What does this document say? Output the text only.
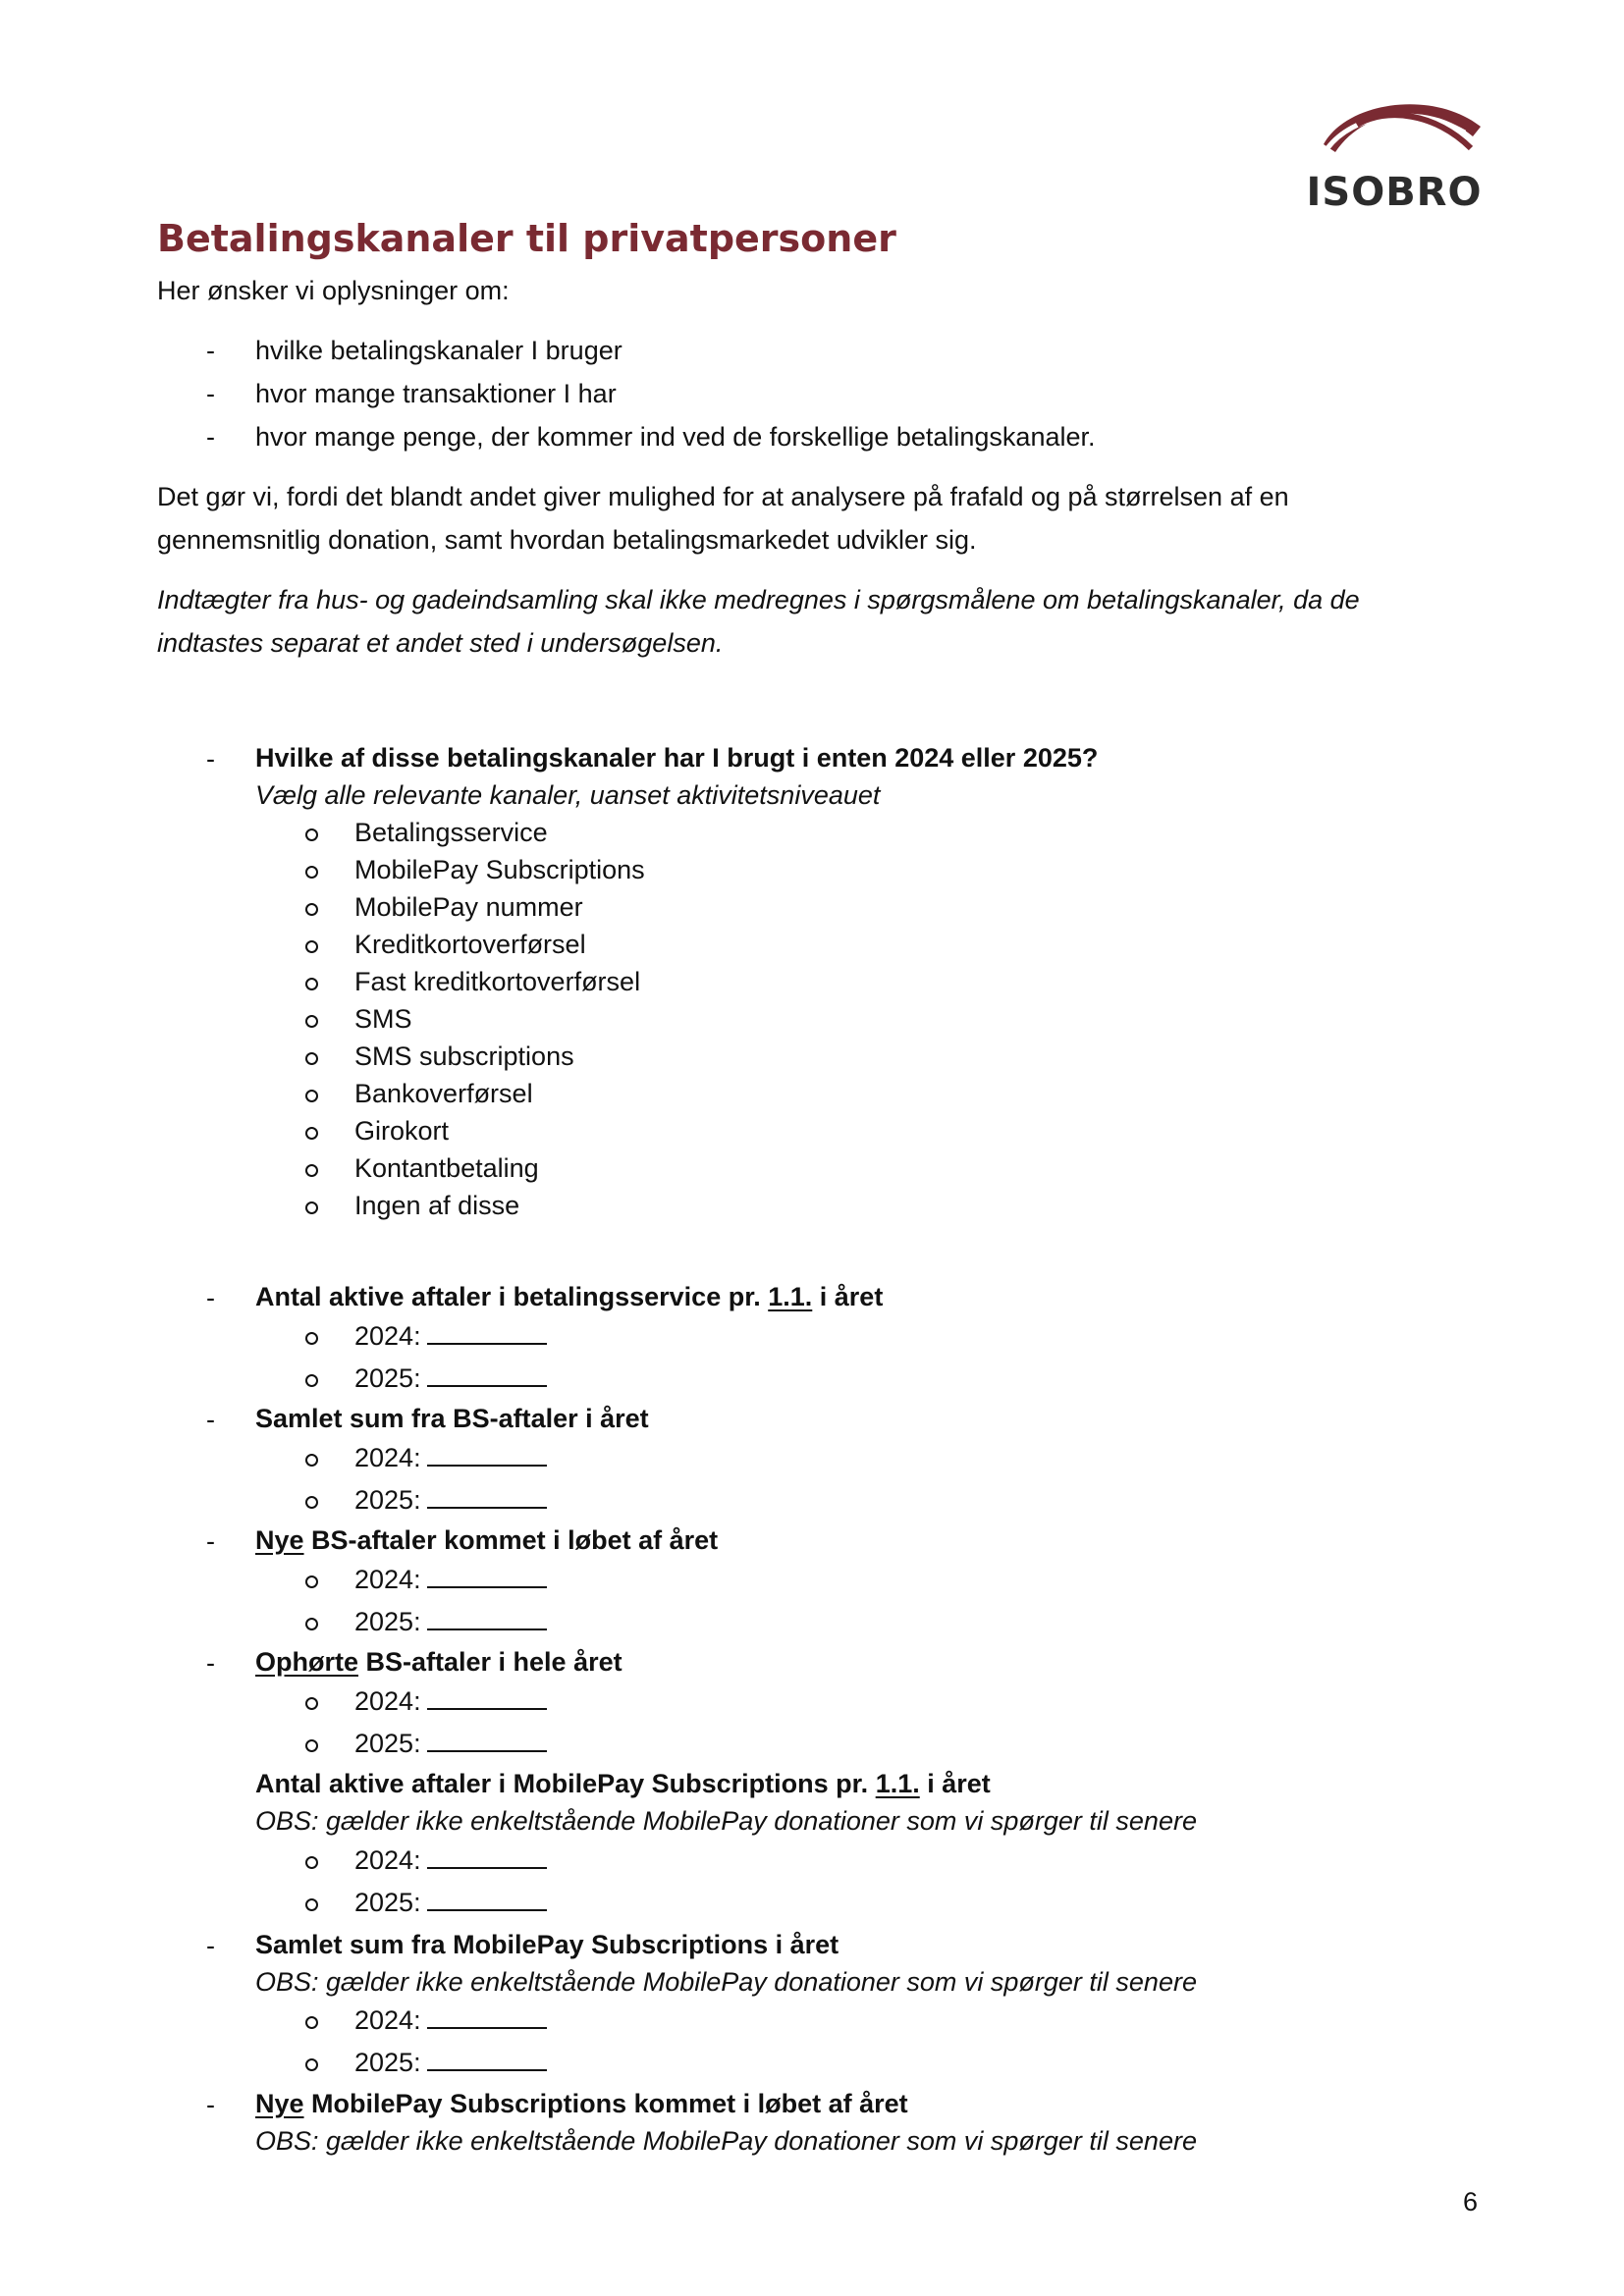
ISOBRO
Betalingskanaler til privatpersoner
Her ønsker vi oplysninger om:
- hvilke betalingskanaler I bruger
- hvor mange transaktioner I har
- hvor mange penge, der kommer ind ved de forskellige betalingskanaler.
Det gør vi, fordi det blandt andet giver mulighed for at analysere på frafald og på størrelsen af en
gennemsnitlig donation, samt hvordan betalingsmarkedet udvikler sig.
Indtægter fra hus- og gadeindsamling skal ikke medregnes i spørgsmålene om betalingskanaler, da de
indtastes separat et andet sted i undersøgelsen.
- Hvilke af disse betalingskanaler har I brugt i enten 2024 eller 2025?
Vælg alle relevante kanaler, uanset aktivitetsniveauet
Betalingsservice
MobilePay Subscriptions
MobilePay nummer
Kreditkortoverførsel
Fast kreditkortoverførsel
SMS
SMS subscriptions
Bankoverførsel
Girokort
Kontantbetaling
Ingen af disse
- Antal aktive aftaler i betalingsservice pr. 1.1. i året
2024:
2025:
- Samlet sum fra BS-aftaler i året
2024:
2025:
- Nye BS-aftaler kommet i løbet af året
2024:
2025:
- Ophørte BS-aftaler i hele året
2024:
2025:
Antal aktive aftaler i MobilePay Subscriptions pr. 1.1. i året
OBS: gælder ikke enkeltstående MobilePay donationer som vi spørger til senere
2024:
2025:
- Samlet sum fra MobilePay Subscriptions i året
OBS: gælder ikke enkeltstående MobilePay donationer som vi spørger til senere
2024:
2025:
- Nye MobilePay Subscriptions kommet i løbet af året
OBS: gælder ikke enkeltstående MobilePay donationer som vi spørger til senere
6
